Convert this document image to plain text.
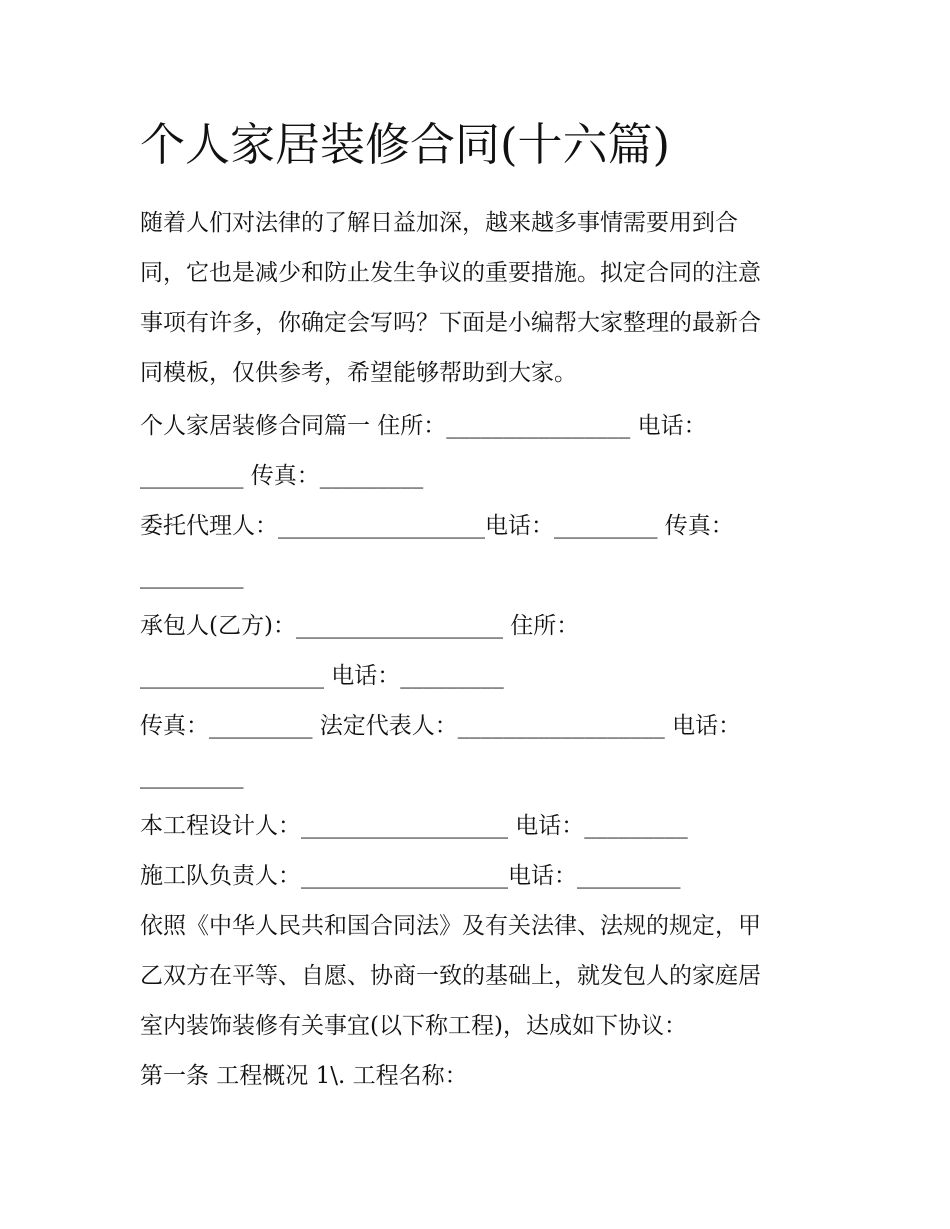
个人家居装修合同(十六篇)
随着人们对法律的了解日益加深，越来越多事情需要用到合
同，它也是减少和防止发生争议的重要措施。拟定合同的注意
事项有许多，你确定会写吗？下面是小编帮大家整理的最新合
同模板，仅供参考，希望能够帮助到大家。
个人家居装修合同篇一 住所：________________ 电话：
_________ 传真：_________
委托代理人：__________________电话：_________ 传真：
_________
承包人(乙方)：__________________ 住所：
________________ 电话：_________
传真：_________ 法定代表人：__________________ 电话：
_________
本工程设计人：__________________ 电话：_________
施工队负责人：__________________电话：_________
依照《中华人民共和国合同法》及有关法律、法规的规定，甲
乙双方在平等、自愿、协商一致的基础上，就发包人的家庭居
室内装饰装修有关事宜(以下称工程)，达成如下协议：
第一条 工程概况 1\. 工程名称：
